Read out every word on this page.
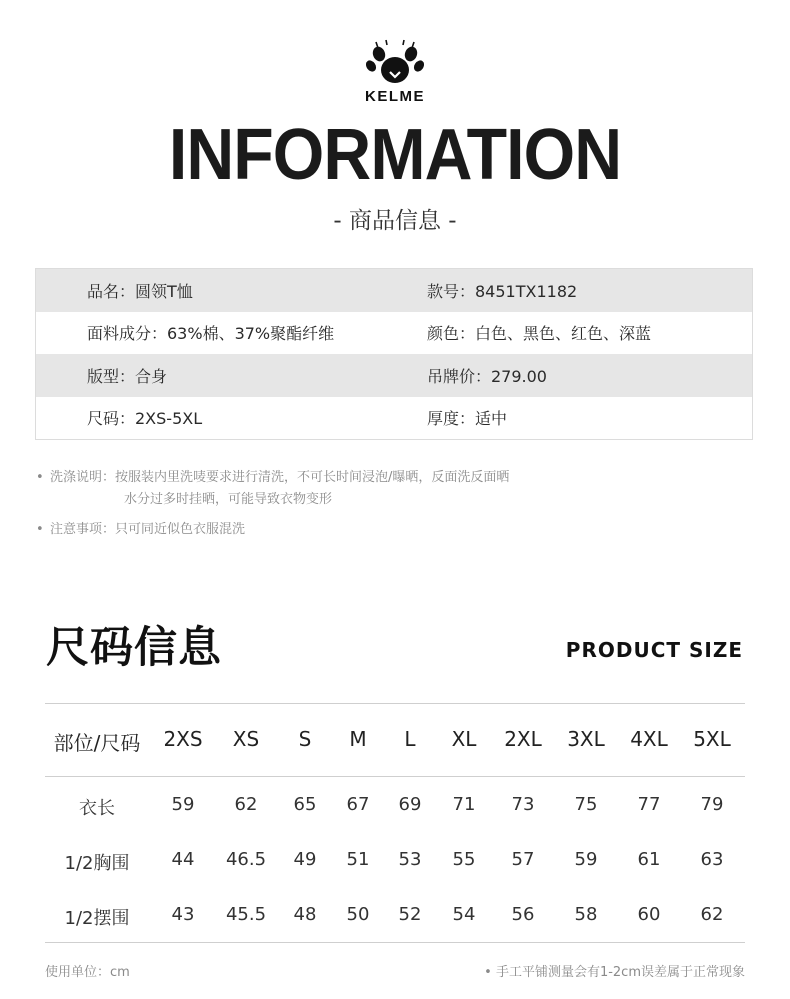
KELME
INFORMATION
- 商品信息 -
品名：圆领T恤	款号：8451TX1182
面料成分：63%棉、37%聚酯纤维	颜色：白色、黑色、红色、深蓝
版型：合身	吊牌价：279.00
尺码：2XS-5XL	厚度：适中
• 洗涤说明： 按服装内里洗唛要求进行清洗，不可长时间浸泡/曝晒，反面洗反面晒
水分过多时挂晒，可能导致衣物变形
• 注意事项： 只可同近似色衣服混洗
尺码信息	PRODUCT SIZE
部位/尺码 2XS XS S M L XL 2XL 3XL 4XL 5XL
衣长	59 62 65 67 69 71 73 75 77 79
1/2胸围 44 46.5 49 51 53 55 57 59 61 63
1/2摆围 43 45.5 48 50 52 54 56 58 60 62
使用单位：cm	• 手工平铺测量会有1-2cm误差属于正常现象
